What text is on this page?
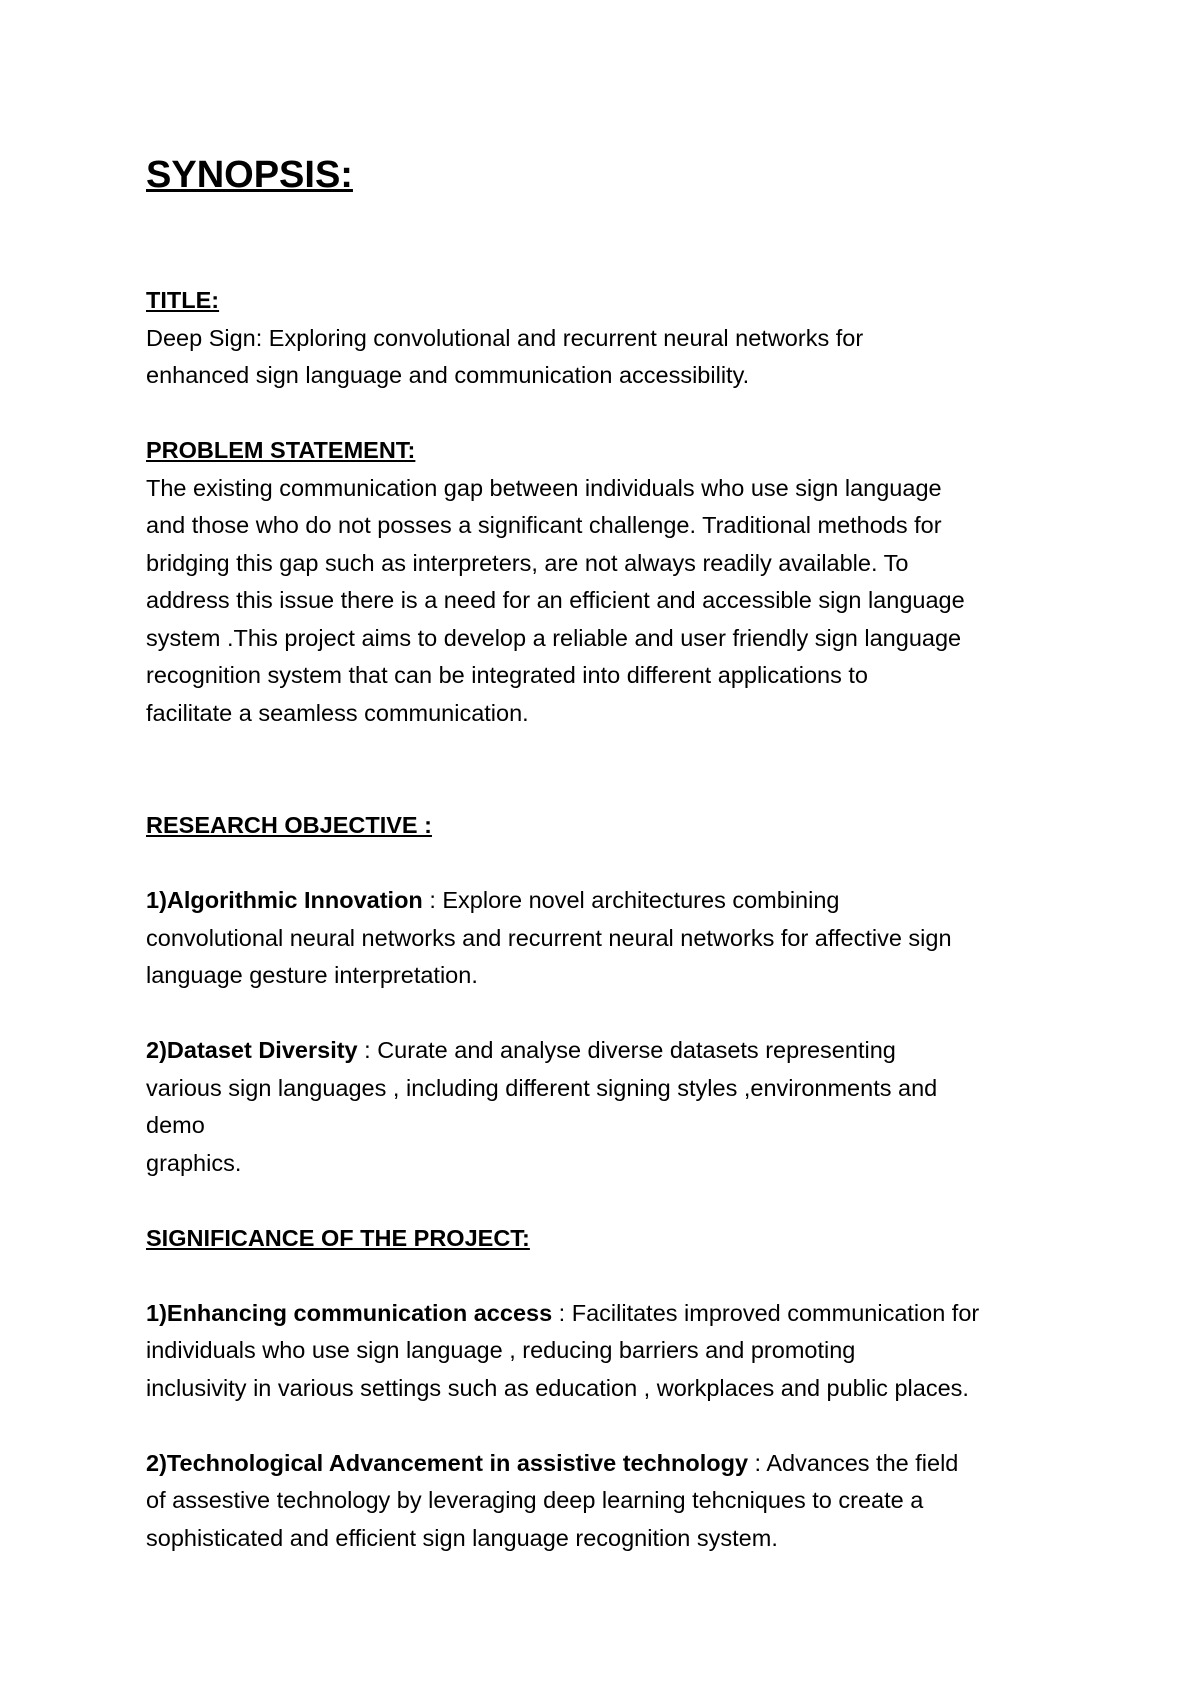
SYNOPSIS:

TITLE:

Deep Sign: Exploring convolutional and recurrent neural networks for
enhanced sign language and communication accessibility.

PROBLEM STATEMENT:

The existing communication gap between individuals who use sign language
and those who do not posses a significant challenge. Traditional methods for
bridging this gap such as interpreters, are not always readily available. To
address this issue there is a need for an efficient and accessible sign language
system .This project aims to develop a reliable and user friendly sign language
recognition system that can be integrated into different applications to
facilitate a seamless communication.

RESEARCH OBJECTIVE :

1)Algorithmic Innovation : Explore novel architectures combining
convolutional neural networks and recurrent neural networks for affective sign
language gesture interpretation.

2)Dataset Diversity : Curate and analyse diverse datasets representing
various sign languages , including different signing styles ,environments and
demo
graphics.

SIGNIFICANCE OF THE PROJECT:

1)Enhancing communication access : Facilitates improved communication for
individuals who use sign language , reducing barriers and promoting
inclusivity in various settings such as education , workplaces and public places.

2)Technological Advancement in assistive technology : Advances the field
of assestive technology by leveraging deep learning tehcniques to create a
sophisticated and efficient sign language recognition system.
